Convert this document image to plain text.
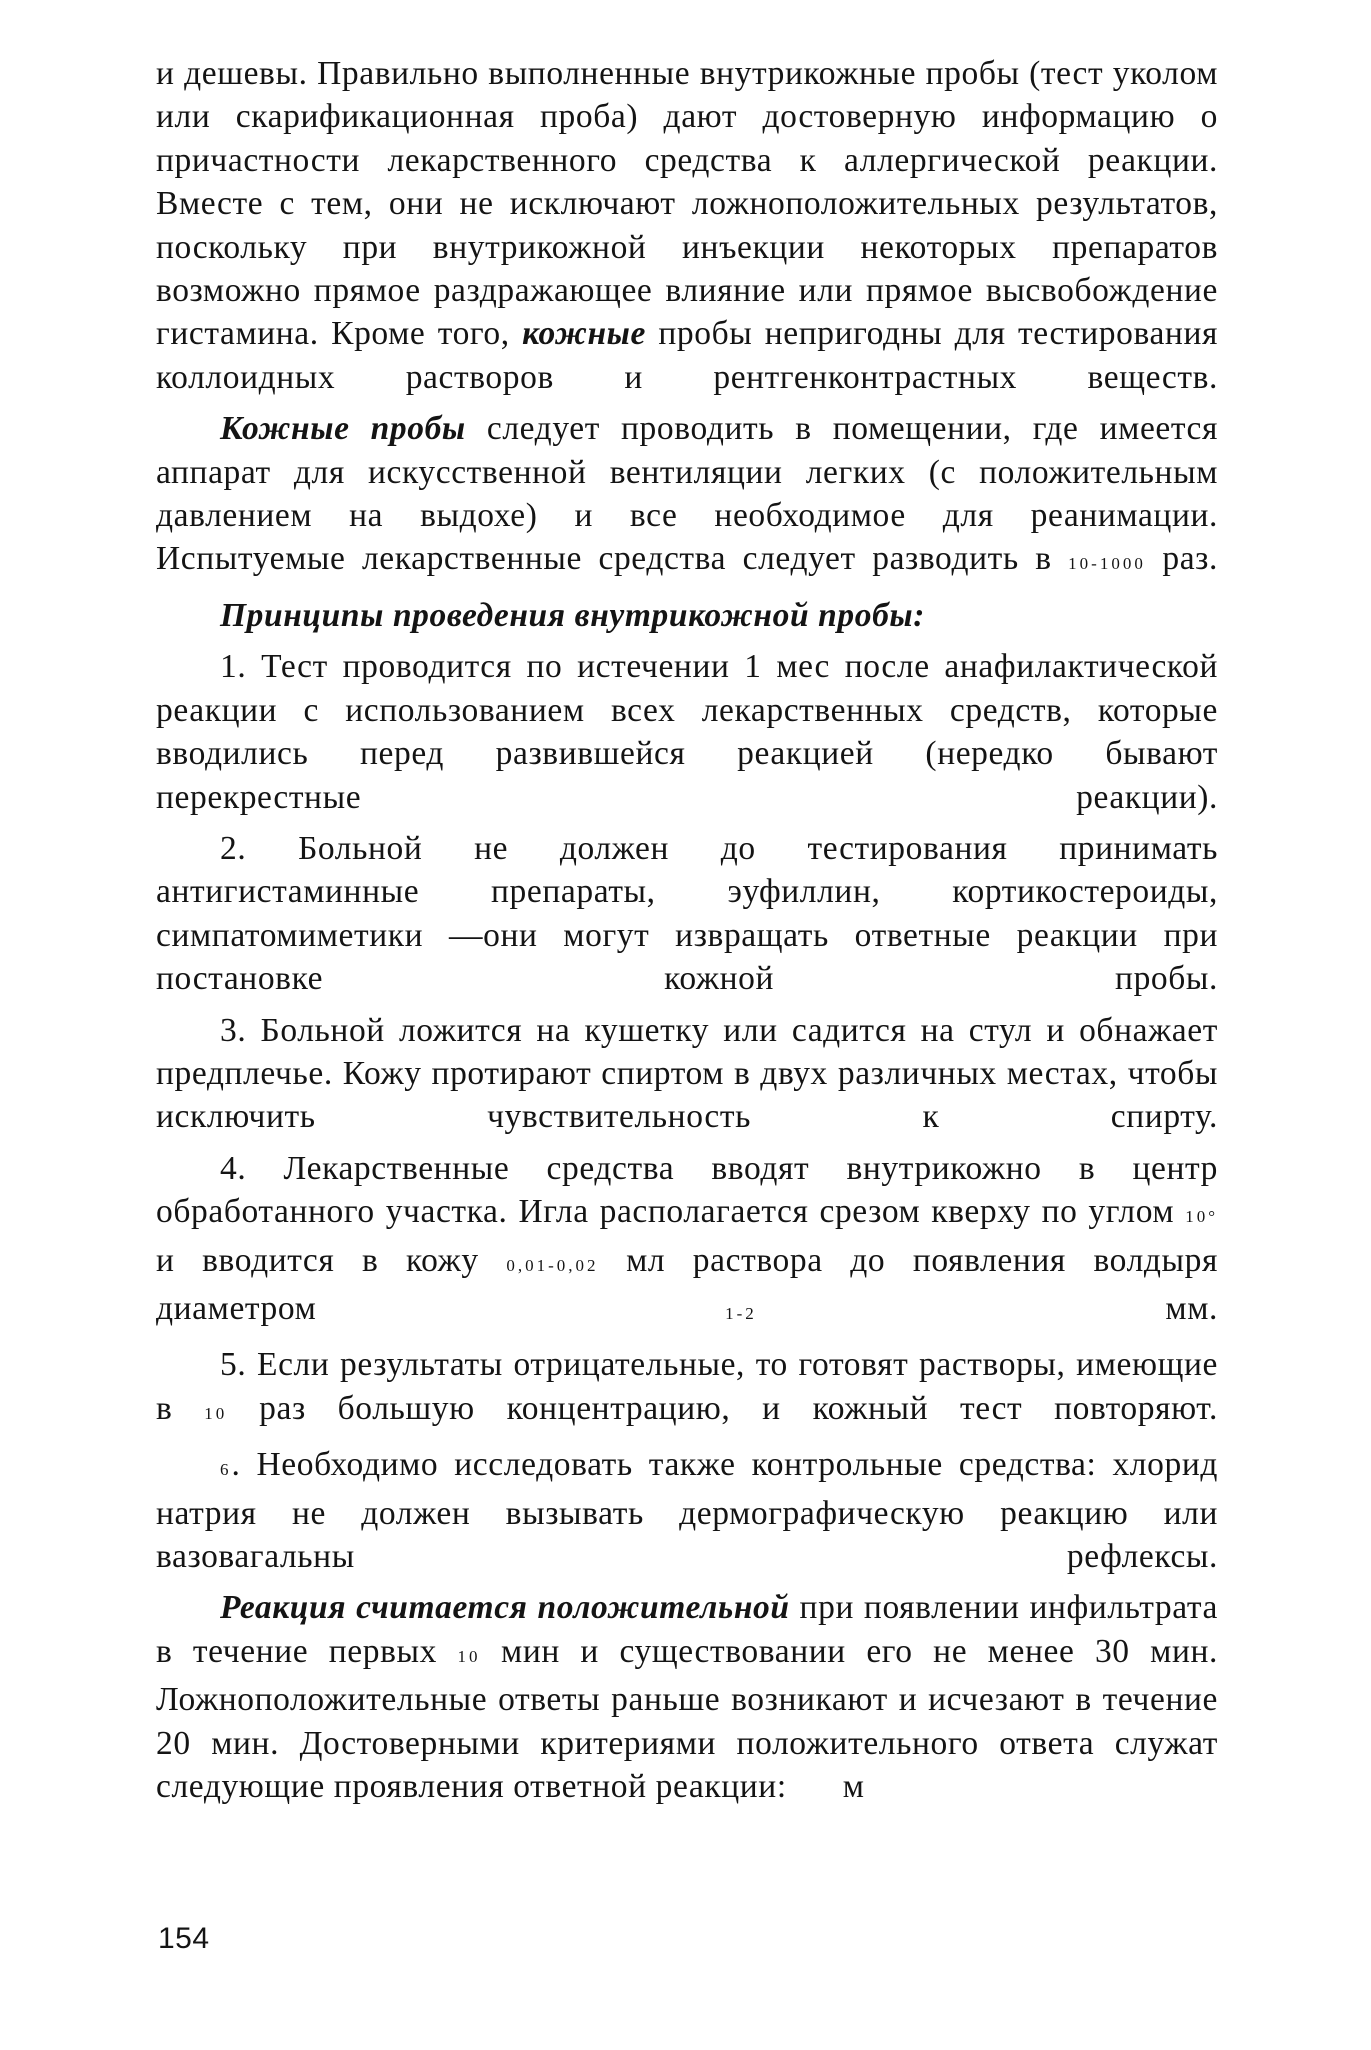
и дешевы. Правильно выполненные внутрикожные пробы (тест уколом или скарификационная проба) дают достоверную информацию о причастности лекарственного средства к аллергической реакции. Вместе с тем, они не исключают ложноположительных результатов, поскольку при внутрикожной инъекции некоторых препаратов возможно прямое раздражающее влияние или прямое высвобождение гистамина. Кроме того, кожные пробы непригодны для тестирования коллоидных растворов и рентгенконтрастных веществ.

Кожные пробы следует проводить в помещении, где имеется аппарат для искусственной вентиляции легких (с положительным давлением на выдохе) и все необходимое для реанимации. Испытуемые лекарственные средства следует разводить в 10-1000 раз.

Принципы проведения внутрикожной пробы:

1. Тест проводится по истечении 1 мес после анафилактической реакции с использованием всех лекарственных средств, которые вводились перед развившейся реакцией (нередко бывают перекрестные реакции).

2. Больной не должен до тестирования принимать антигистаминные препараты, эуфиллин, кортикостероиды, симпатомиметики —они могут извращать ответные реакции при постановке кожной пробы.

3. Больной ложится на кушетку или садится на стул и обнажает предплечье. Кожу протирают спиртом в двух различных местах, чтобы исключить чувствительность к спирту.

4. Лекарственные средства вводят внутрикожно в центр обработанного участка. Игла располагается срезом кверху по углом 10° и вводится в кожу 0,01-0,02 мл раствора до появления волдыря диаметром 1-2 мм.

5. Если результаты отрицательные, то готовят растворы, имеющие в 10 раз большую концентрацию, и кожный тест повторяют.

6. Необходимо исследовать также контрольные средства: хлорид натрия не должен вызывать дермографическую реакцию или вазовагальны рефлексы.

Реакция считается положительной при появлении инфильтрата в течение первых 10 мин и существовании его не менее 30 мин. Ложноположительные ответы раньше возникают и исчезают в течение 20 мин. Достоверными критериями положительного ответа служат следующие проявления ответной реакции: м

154
